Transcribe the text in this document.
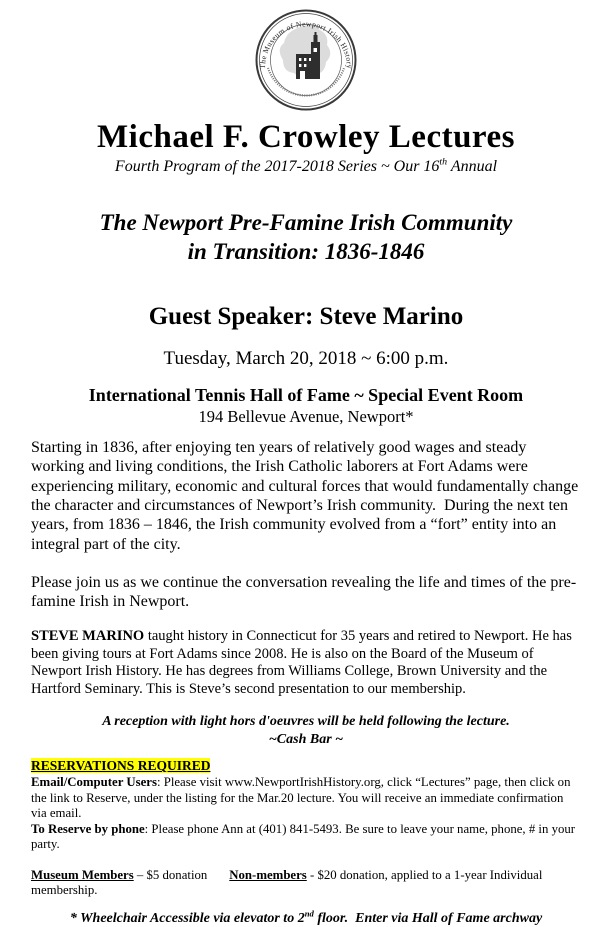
The Museum of Newport Irish History
Michael F. Crowley Lectures
Fourth Program of the 2017-2018 Series ~ Our 16th Annual
The Newport Pre-Famine Irish Community
in Transition: 1836-1846
Guest Speaker: Steve Marino
Tuesday, March 20, 2018 ~ 6:00 p.m.
International Tennis Hall of Fame ~ Special Event Room
194 Bellevue Avenue, Newport*

Starting in 1836, after enjoying ten years of relatively good wages and steady working and living conditions, the Irish Catholic laborers at Fort Adams were experiencing military, economic and cultural forces that would fundamentally change the character and circumstances of Newport’s Irish community.  During the next ten years, from 1836 – 1846, the Irish community evolved from a “fort” entity into an integral part of the city.

Please join us as we continue the conversation revealing the life and times of the pre-famine Irish in Newport.

STEVE MARINO taught history in Connecticut for 35 years and retired to Newport. He has been giving tours at Fort Adams since 2008. He is also on the Board of the Museum of Newport Irish History. He has degrees from Williams College, Brown University and the Hartford Seminary. This is Steve’s second presentation to our membership.

A reception with light hors d'oeuvres will be held following the lecture.
~Cash Bar ~
RESERVATIONS REQUIRED
Email/Computer Users: Please visit www.NewportIrishHistory.org, click “Lectures” page, then click on the link to Reserve, under the listing for the Mar.20 lecture. You will receive an immediate confirmation via email.
To Reserve by phone: Please phone Ann at (401) 841-5493. Be sure to leave your name, phone, # in your party.
Museum Members – $5 donation Non-members - $20 donation, applied to a 1-year Individual membership.
* Wheelchair Accessible via elevator to 2nd floor.  Enter via Hall of Fame archway
